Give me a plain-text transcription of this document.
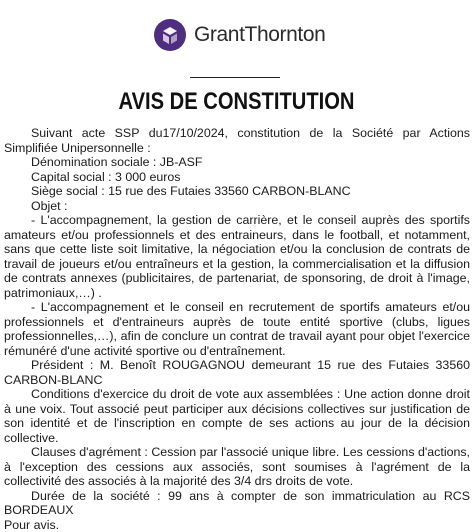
GrantThornton
AVIS DE CONSTITUTION

Suivant acte SSP du17/10/2024, constitution de la Société par Actions Simplifiée Unipersonnelle :

Dénomination sociale : JB-ASF

Capital social : 3 000 euros

Siège social : 15 rue des Futaies 33560 CARBON-BLANC

Objet :

- L'accompagnement, la gestion de carrière, et le conseil auprès des sportifs amateurs et/ou professionnels et des entraineurs, dans le football, et notamment, sans que cette liste soit limitative, la négociation et/ou la conclusion de contrats de travail de joueurs et/ou entraîneurs et la gestion, la commercialisation et la diffusion de contrats annexes (publicitaires, de partenariat, de sponsoring, de droit à l'image, patrimoniaux,…) .

- L'accompagnement et le conseil en recrutement de sportifs amateurs et/ou professionnels et d'entraineurs auprès de toute entité sportive (clubs, ligues professionnelles,…), afin de conclure un contrat de travail ayant pour objet l'exercice rémunéré d'une activité sportive ou d'entraînement.

Président : M. Benoît ROUGAGNOU demeurant 15 rue des Futaies 33560 CARBON-BLANC

Conditions d'exercice du droit de vote aux assemblées : Une action donne droit à une voix. Tout associé peut participer aux décisions collectives sur justification de son identité et de l'inscription en compte de ses actions au jour de la décision collective.

Clauses d'agrément : Cession par l'associé unique libre. Les cessions d'actions, à l'exception des cessions aux associés, sont soumises à l'agrément de la collectivité des associés à la majorité des 3/4 drs droits de vote.

Durée de la société : 99 ans à compter de son immatriculation au RCS BORDEAUX

Pour avis.
